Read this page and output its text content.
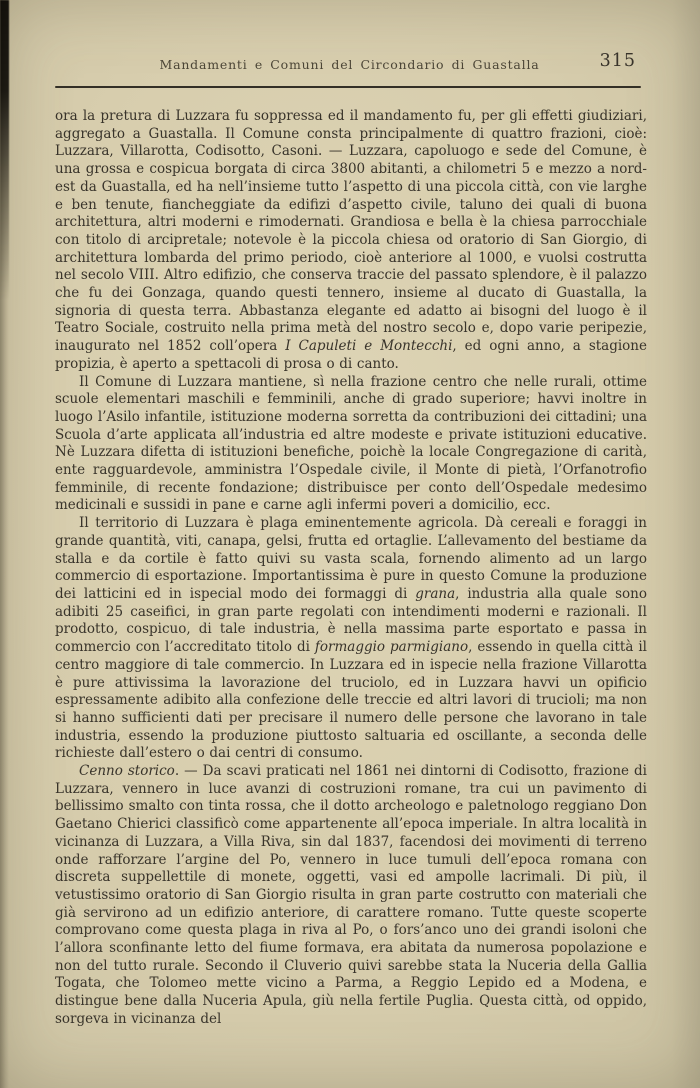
Mandamenti e Comuni del Circondario di Guastalla	315

ora la pretura di Luzzara fu soppressa ed il mandamento fu, per gli effetti giudiziari, aggregato a Guastalla. Il Comune consta principalmente di quattro frazioni, cioè: Luzzara, Villarotta, Codisotto, Casoni. — Luzzara, capoluogo e sede del Comune, è una grossa e cospicua borgata di circa 3800 abitanti, a chilometri 5 e mezzo a nord-est da Guastalla, ed ha nell’insieme tutto l’aspetto di una piccola città, con vie larghe e ben tenute, fiancheggiate da edifizi d’aspetto civile, taluno dei quali di buona architettura, altri moderni e rimodernati. Grandiosa e bella è la chiesa parrocchiale con titolo di arcipretale; notevole è la piccola chiesa od oratorio di San Giorgio, di architettura lombarda del primo periodo, cioè anteriore al 1000, e vuolsi costrutta nel secolo VIII. Altro edifizio, che conserva traccie del passato splendore, è il palazzo che fu dei Gonzaga, quando questi tennero, insieme al ducato di Guastalla, la signoria di questa terra. Abbastanza elegante ed adatto ai bisogni del luogo è il Teatro Sociale, costruito nella prima metà del nostro secolo e, dopo varie peripezie, inaugurato nel 1852 coll’opera I Capuleti e Montecchi, ed ogni anno, a stagione propizia, è aperto a spettacoli di prosa o di canto.

Il Comune di Luzzara mantiene, sì nella frazione centro che nelle rurali, ottime scuole elementari maschili e femminili, anche di grado superiore; havvi inoltre in luogo l’Asilo infantile, istituzione moderna sorretta da contribuzioni dei cittadini; una Scuola d’arte applicata all’industria ed altre modeste e private istituzioni educative. Nè Luzzara difetta di istituzioni benefiche, poichè la locale Congregazione di carità, ente ragguardevole, amministra l’Ospedale civile, il Monte di pietà, l’Orfanotrofio femminile, di recente fondazione; distribuisce per conto dell’Ospedale medesimo medicinali e sussidi in pane e carne agli infermi poveri a domicilio, ecc.

Il territorio di Luzzara è plaga eminentemente agricola. Dà cereali e foraggi in grande quantità, viti, canapa, gelsi, frutta ed ortaglie. L’allevamento del bestiame da stalla e da cortile è fatto quivi su vasta scala, fornendo alimento ad un largo commercio di esportazione. Importantissima è pure in questo Comune la produzione dei latticini ed in ispecial modo dei formaggi di grana, industria alla quale sono adibiti 25 caseifici, in gran parte regolati con intendimenti moderni e razionali. Il prodotto, cospicuo, di tale industria, è nella massima parte esportato e passa in commercio con l’accreditato titolo di formaggio parmigiano, essendo in quella città il centro maggiore di tale commercio. In Luzzara ed in ispecie nella frazione Villarotta è pure attivissima la lavorazione del truciolo, ed in Luzzara havvi un opificio espressamente adibito alla confezione delle treccie ed altri lavori di trucioli; ma non si hanno sufficienti dati per precisare il numero delle persone che lavorano in tale industria, essendo la produzione piuttosto saltuaria ed oscillante, a seconda delle richieste dall’estero o dai centri di consumo.

Cenno storico. — Da scavi praticati nel 1861 nei dintorni di Codisotto, frazione di Luzzara, vennero in luce avanzi di costruzioni romane, tra cui un pavimento di bellissimo smalto con tinta rossa, che il dotto archeologo e paletnologo reggiano Don Gaetano Chierici classificò come appartenente all’epoca imperiale. In altra località in vicinanza di Luzzara, a Villa Riva, sin dal 1837, facendosi dei movimenti di terreno onde rafforzare l’argine del Po, vennero in luce tumuli dell’epoca romana con discreta suppellettile di monete, oggetti, vasi ed ampolle lacrimali. Di più, il vetustissimo oratorio di San Giorgio risulta in gran parte costrutto con materiali che già servirono ad un edifizio anteriore, di carattere romano. Tutte queste scoperte comprovano come questa plaga in riva al Po, o fors’anco uno dei grandi isoloni che l’allora sconfinante letto del fiume formava, era abitata da numerosa popolazione e non del tutto rurale. Secondo il Cluverio quivi sarebbe stata la Nuceria della Gallia Togata, che Tolomeo mette vicino a Parma, a Reggio Lepido ed a Modena, e distingue bene dalla Nuceria Apula, giù nella fertile Puglia. Questa città, od oppido, sorgeva in vicinanza del
